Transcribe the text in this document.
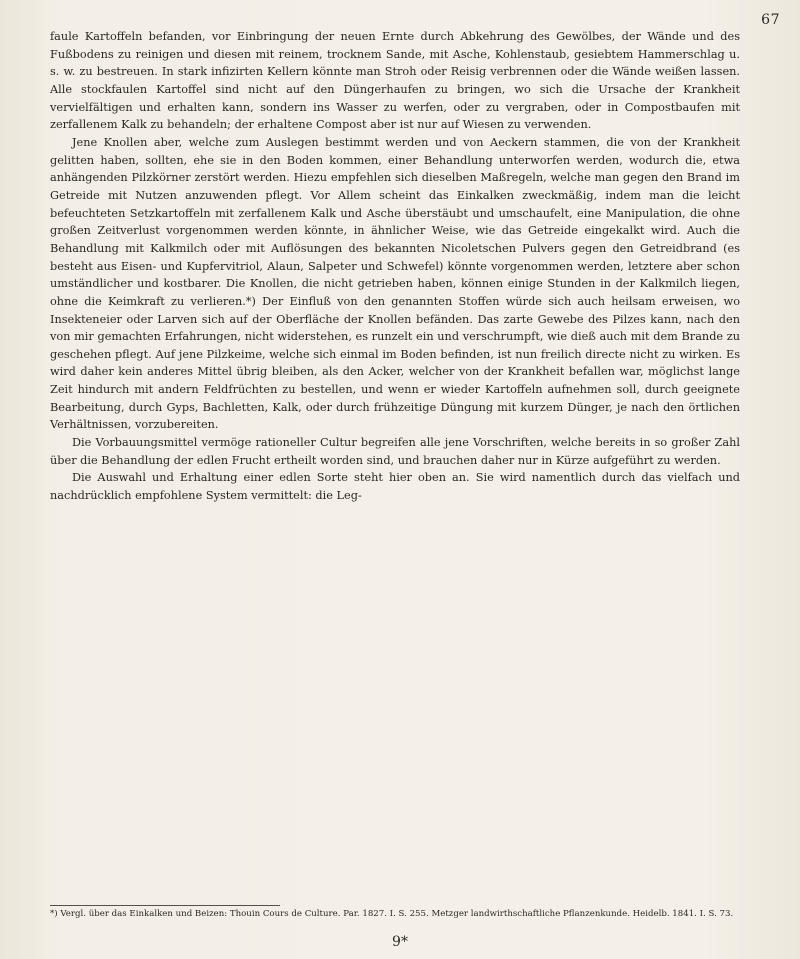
67

faule Kartoffeln befanden, vor Einbringung der neuen Ernte durch Abkehrung des Gewölbes, der Wände und des Fußbodens zu reinigen und diesen mit reinem, trocknem Sande, mit Asche, Kohlenstaub, gesiebtem Hammerschlag u. s. w. zu bestreuen. In stark infizirten Kellern könnte man Stroh oder Reisig verbrennen oder die Wände weißen lassen. Alle stockfaulen Kartoffel sind nicht auf den Düngerhaufen zu bringen, wo sich die Ursache der Krankheit vervielfältigen und erhalten kann, sondern ins Wasser zu werfen, oder zu vergraben, oder in Compostbaufen mit zerfallenem Kalk zu behandeln; der erhaltene Compost aber ist nur auf Wiesen zu verwenden.

Jene Knollen aber, welche zum Auslegen bestimmt werden und von Aeckern stammen, die von der Krankheit gelitten haben, sollten, ehe sie in den Boden kommen, einer Behandlung unterworfen werden, wodurch die, etwa anhängenden Pilzkörner zerstört werden. Hiezu empfehlen sich dieselben Maßregeln, welche man gegen den Brand im Getreide mit Nutzen anzuwenden pflegt. Vor Allem scheint das Einkalken zweckmäßig, indem man die leicht befeuchteten Setzkartoffeln mit zerfallenem Kalk und Asche überstäubt und umschaufelt, eine Manipulation, die ohne großen Zeitverlust vorgenommen werden könnte, in ähnlicher Weise, wie das Getreide eingekalkt wird. Auch die Behandlung mit Kalkmilch oder mit Auflösungen des bekannten Nicoletschen Pulvers gegen den Getreidbrand (es besteht aus Eisen- und Kupfervitriol, Alaun, Salpeter und Schwefel) könnte vorgenommen werden, letztere aber schon umständlicher und kostbarer. Die Knollen, die nicht getrieben haben, können einige Stunden in der Kalkmilch liegen, ohne die Keimkraft zu verlieren.*) Der Einfluß von den genannten Stoffen würde sich auch heilsam erweisen, wo Insekteneier oder Larven sich auf der Oberfläche der Knollen befänden. Das zarte Gewebe des Pilzes kann, nach den von mir gemachten Erfahrungen, nicht widerstehen, es runzelt ein und verschrumpft, wie dieß auch mit dem Brande zu geschehen pflegt. Auf jene Pilzkeime, welche sich einmal im Boden befinden, ist nun freilich directe nicht zu wirken. Es wird daher kein anderes Mittel übrig bleiben, als den Acker, welcher von der Krankheit befallen war, möglichst lange Zeit hindurch mit andern Feldfrüchten zu bestellen, und wenn er wieder Kartoffeln aufnehmen soll, durch geeignete Bearbeitung, durch Gyps, Bachletten, Kalk, oder durch frühzeitige Düngung mit kurzem Dünger, je nach den örtlichen Verhältnissen, vorzubereiten.

Die Vorbauungsmittel vermöge rationeller Cultur begreifen alle jene Vorschriften, welche bereits in so großer Zahl über die Behandlung der edlen Frucht ertheilt worden sind, und brauchen daher nur in Kürze aufgeführt zu werden.

Die Auswahl und Erhaltung einer edlen Sorte steht hier oben an. Sie wird namentlich durch das vielfach und nachdrücklich empfohlene System vermittelt: die Leg-

*) Vergl. über das Einkalken und Beizen: Thouin Cours de Culture. Par. 1827. I. S. 255. Metzger landwirthschaftliche Pflanzenkunde. Heidelb. 1841. I. S. 73.
9*
